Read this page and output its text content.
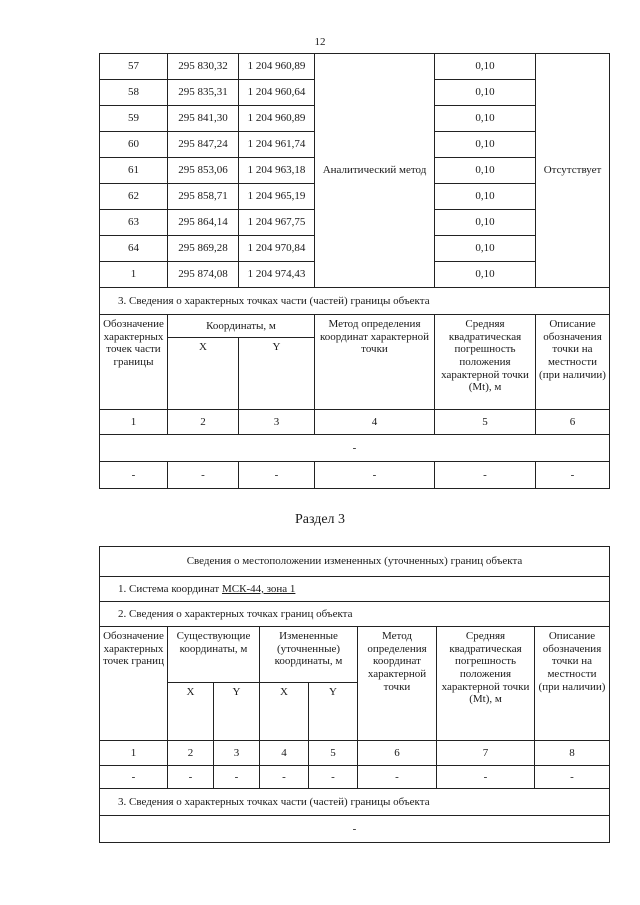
12
57	295 830,32	1 204 960,89	Аналитический метод	0,10	Отсутствует
58	295 835,31	1 204 960,64		0,10	
59	295 841,30	1 204 960,89		0,10	
60	295 847,24	1 204 961,74		0,10	
61	295 853,06	1 204 963,18		0,10	
62	295 858,71	1 204 965,19		0,10	
63	295 864,14	1 204 967,75		0,10	
64	295 869,28	1 204 970,84		0,10	
1	295 874,08	1 204 974,43		0,10	
3. Сведения о характерных точках части (частей) границы объекта					
Обозначение характерных точек части границы	Координаты, м		Метод определения координат характерной точки	Средняя квадратическая погрешность положения характерной точки (Mt), м	Описание обозначения точки на местности (при наличии)
	X	Y			
1	2	3	4	5	6
-					
-	-	-	-	-	-
Раздел 3
Сведения о местоположении измененных (уточненных) границ объекта							
1. Система координат МСК-44, зона 1							
2. Сведения о характерных точках границ объекта							
Обозначение характерных точек границ	Существующие координаты, м		Измененные (уточненные) координаты, м		Метод определения координат характерной точки	Средняя квадратическая погрешность положения характерной точки (Mt), м	Описание обозначения точки на местности (при наличии)
	X	Y	X	Y			
1	2	3	4	5	6	7	8
-	-	-	-	-	-	-	-
3. Сведения о характерных точках части (частей) границы объекта							
-							
